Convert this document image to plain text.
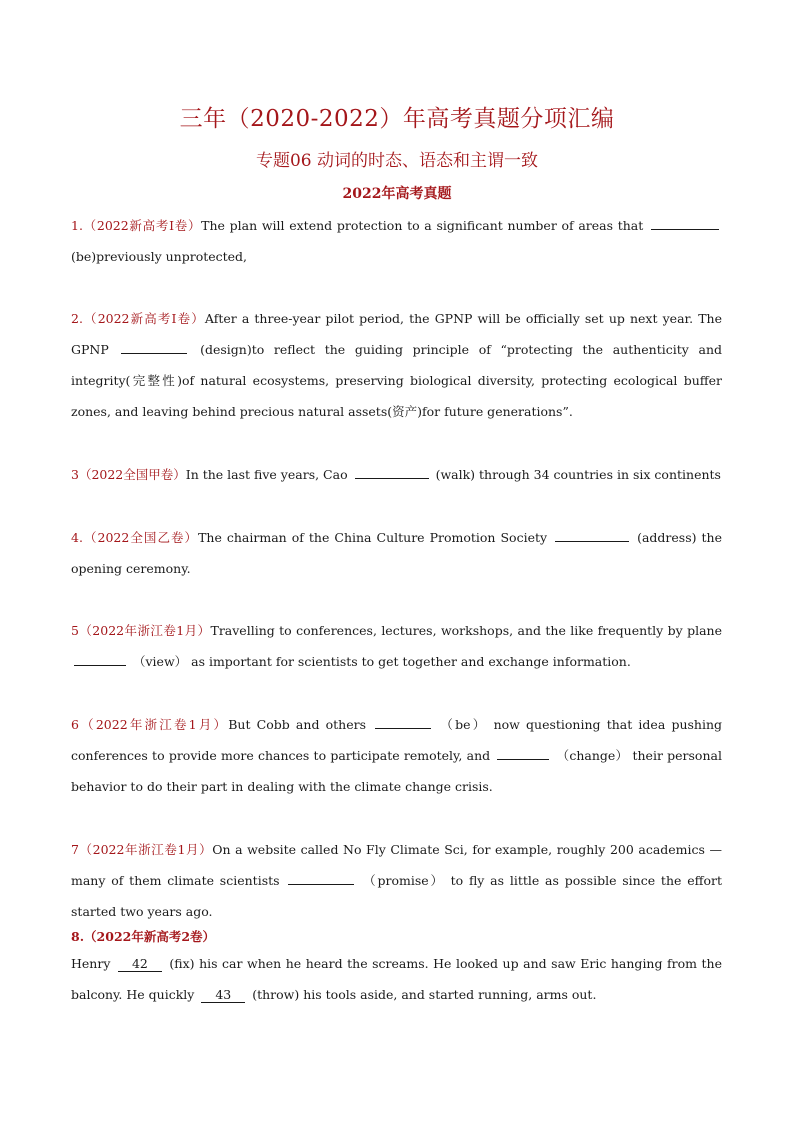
三年（2020-2022）年高考真题分项汇编
专题06 动词的时态、语态和主谓一致
2022年高考真题
1.（2022新高考I卷）The plan will extend protection to a significant number of areas that  (be)previously unprotected,
2.（2022新高考I卷）After a three-year pilot period, the GPNP will be officially set up next year. The GPNP	(design)to reflect the guiding principle of “protecting the authenticity and integrity(完整性)of natural ecosystems, preserving biological diversity, protecting ecological buffer zones, and leaving behind precious natural assets(资产)for future generations”.
3（2022全国甲卷）In the last five years, Cao	(walk) through 34 countries in six continents
4.（2022全国乙卷）The chairman of the China Culture Promotion Society	(address) the opening ceremony.
5（2022年浙江卷1月）Travelling to conferences, lectures, workshops, and the like frequently by plane  （view） as important for scientists to get together and exchange information.
6（2022年浙江卷1月）But Cobb and others	（be） now questioning that idea pushing conferences to provide more chances to participate remotely, and	（change） their personal behavior to do their part in dealing with the climate change crisis.
7（2022年浙江卷1月）On a website called No Fly Climate Sci, for example, roughly 200 academics —many of them climate scientists	（promise） to fly as little as possible since the effort started two years ago.
8.（2022年新高考2卷）
Henry 42 (fix) his car when he heard the screams. He looked up and saw Eric hanging from the balcony. He quickly 43 (throw) his tools aside, and started running, arms out.
